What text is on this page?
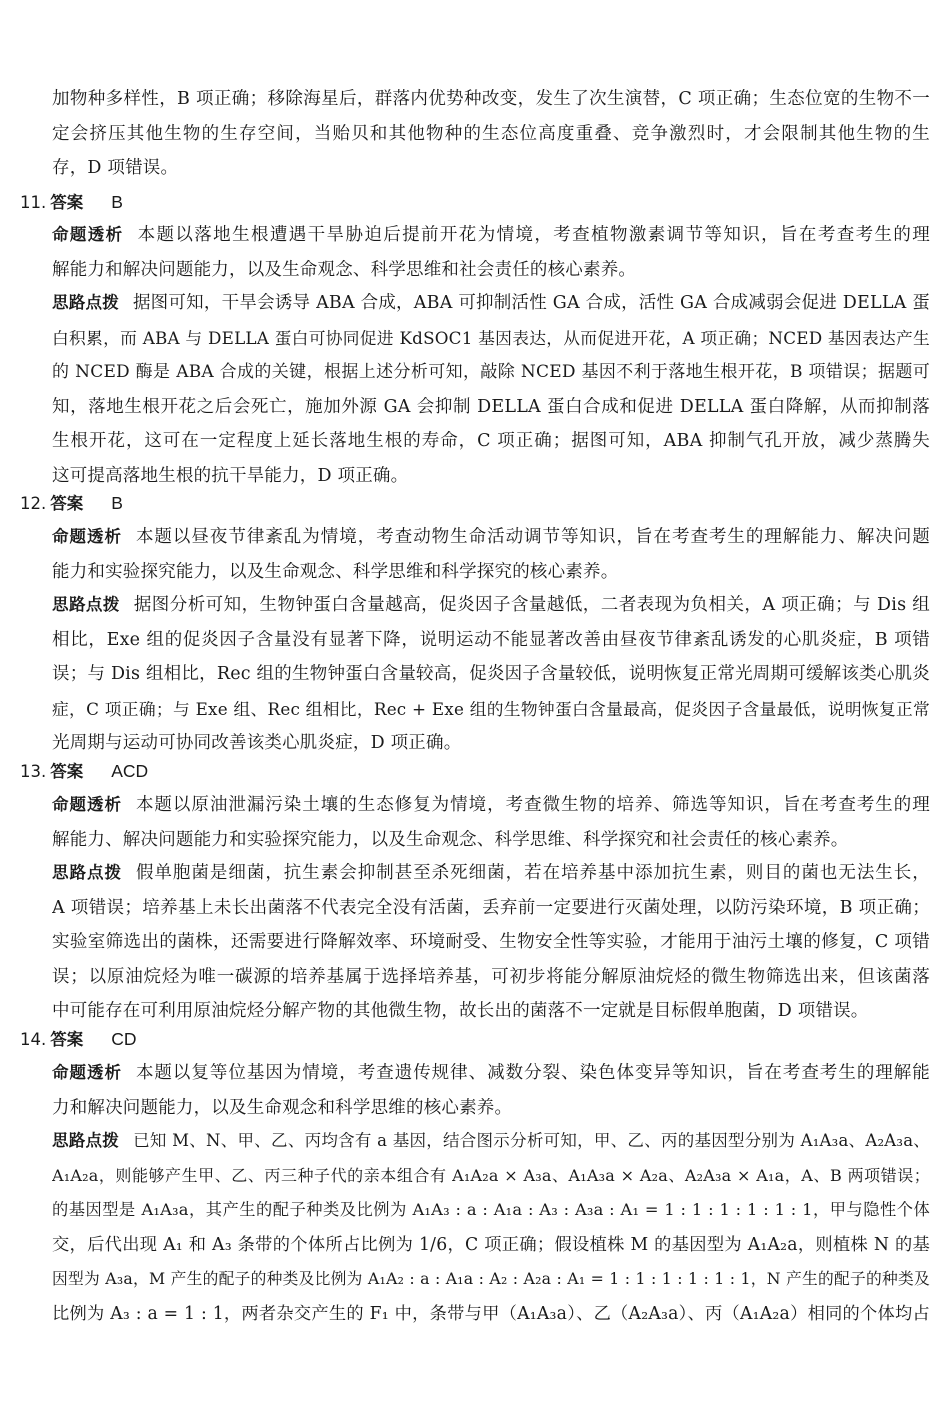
加物种多样性，B 项正确；移除海星后，群落内优势种改变，发生了次生演替，C 项正确；生态位宽的生物不一
定会挤压其他生物的生存空间，当贻贝和其他物种的生态位高度重叠、竞争激烈时，才会限制其他生物的生
存，D 项错误。
11. 答案 B
命题透析 本题以落地生根遭遇干旱胁迫后提前开花为情境，考查植物激素调节等知识，旨在考查考生的理
解能力和解决问题能力，以及生命观念、科学思维和社会责任的核心素养。
思路点拨 据图可知，干旱会诱导 ABA 合成，ABA 可抑制活性 GA 合成，活性 GA 合成减弱会促进 DELLA 蛋
白积累，而 ABA 与 DELLA 蛋白可协同促进 KdSOC1 基因表达，从而促进开花，A 项正确；NCED 基因表达产生
的 NCED 酶是 ABA 合成的关键，根据上述分析可知，敲除 NCED 基因不利于落地生根开花，B 项错误；据题可
知，落地生根开花之后会死亡，施加外源 GA 会抑制 DELLA 蛋白合成和促进 DELLA 蛋白降解，从而抑制落
生根开花，这可在一定程度上延长落地生根的寿命，C 项正确；据图可知，ABA 抑制气孔开放，减少蒸腾失
这可提高落地生根的抗干旱能力，D 项正确。
12. 答案 B
命题透析 本题以昼夜节律紊乱为情境，考查动物生命活动调节等知识，旨在考查考生的理解能力、解决问题
能力和实验探究能力，以及生命观念、科学思维和科学探究的核心素养。
思路点拨 据图分析可知，生物钟蛋白含量越高，促炎因子含量越低，二者表现为负相关，A 项正确；与 Dis 组
相比，Exe 组的促炎因子含量没有显著下降，说明运动不能显著改善由昼夜节律紊乱诱发的心肌炎症，B 项错
误；与 Dis 组相比，Rec 组的生物钟蛋白含量较高，促炎因子含量较低，说明恢复正常光周期可缓解该类心肌炎
症，C 项正确；与 Exe 组、Rec 组相比，Rec + Exe 组的生物钟蛋白含量最高，促炎因子含量最低，说明恢复正常
光周期与运动可协同改善该类心肌炎症，D 项正确。
13. 答案 ACD
命题透析 本题以原油泄漏污染土壤的生态修复为情境，考查微生物的培养、筛选等知识，旨在考查考生的理
解能力、解决问题能力和实验探究能力，以及生命观念、科学思维、科学探究和社会责任的核心素养。
思路点拨 假单胞菌是细菌，抗生素会抑制甚至杀死细菌，若在培养基中添加抗生素，则目的菌也无法生长，
A 项错误；培养基上未长出菌落不代表完全没有活菌，丢弃前一定要进行灭菌处理，以防污染环境，B 项正确；
实验室筛选出的菌株，还需要进行降解效率、环境耐受、生物安全性等实验，才能用于油污土壤的修复，C 项错
误；以原油烷烃为唯一碳源的培养基属于选择培养基，可初步将能分解原油烷烃的微生物筛选出来，但该菌落
中可能存在可利用原油烷烃分解产物的其他微生物，故长出的菌落不一定就是目标假单胞菌，D 项错误。
14. 答案 CD
命题透析 本题以复等位基因为情境，考查遗传规律、减数分裂、染色体变异等知识，旨在考查考生的理解能
力和解决问题能力，以及生命观念和科学思维的核心素养。
思路点拨 已知 M、N、甲、乙、丙均含有 a 基因，结合图示分析可知，甲、乙、丙的基因型分别为 A₁A₃a、A₂A₃a、
A₁A₂a，则能够产生甲、乙、丙三种子代的亲本组合有 A₁A₂a × A₃a、A₁A₃a × A₂a、A₂A₃a × A₁a，A、B 两项错误；
的基因型是 A₁A₃a，其产生的配子种类及比例为 A₁A₃ : a : A₁a : A₃ : A₃a : A₁ = 1 : 1 : 1 : 1 : 1 : 1，甲与隐性个体
交，后代出现 A₁ 和 A₃ 条带的个体所占比例为 1/6，C 项正确；假设植株 M 的基因型为 A₁A₂a，则植株 N 的基
因型为 A₃a，M 产生的配子的种类及比例为 A₁A₂ : a : A₁a : A₂ : A₂a : A₁ = 1 : 1 : 1 : 1 : 1 : 1，N 产生的配子的种类及
比例为 A₃ : a = 1 : 1，两者杂交产生的 F₁ 中，条带与甲（A₁A₃a）、乙（A₂A₃a）、丙（A₁A₂a）相同的个体均占
